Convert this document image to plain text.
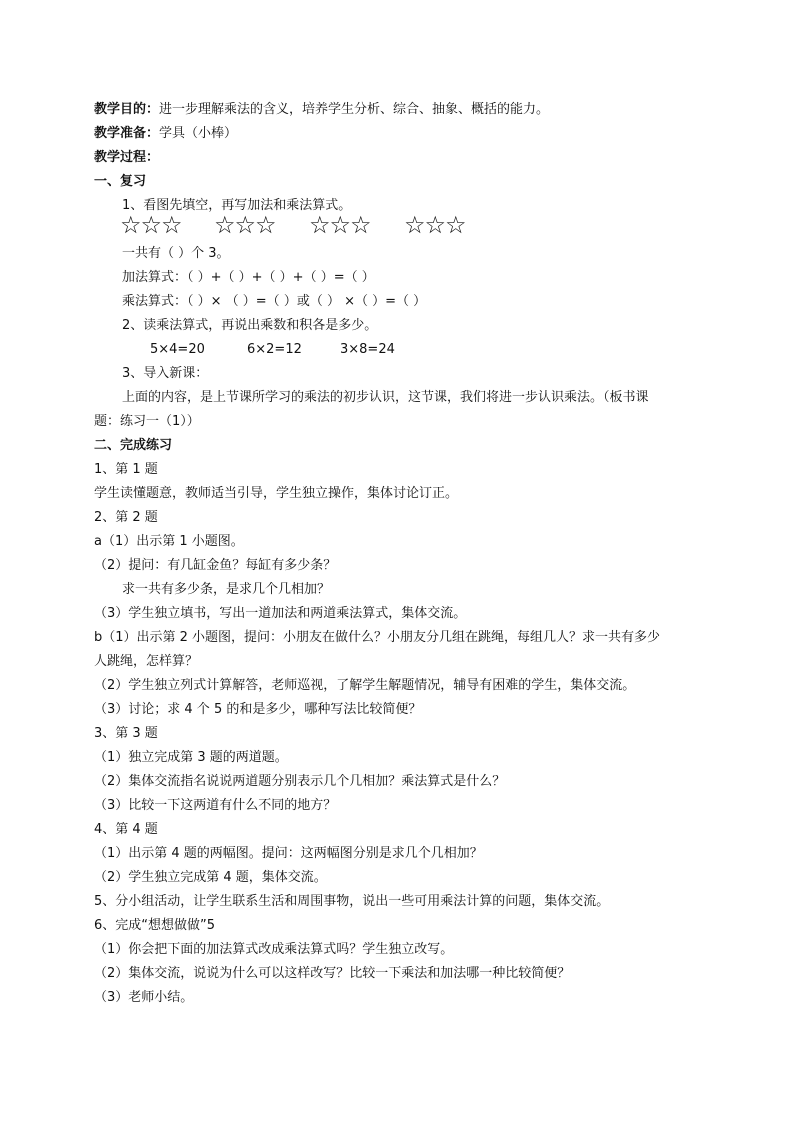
教学目的：进一步理解乘法的含义，培养学生分析、综合、抽象、概括的能力。
教学准备：学具（小棒）
教学过程：
一、复习
1、看图先填空，再写加法和乘法算式。
☆☆☆ ☆☆☆ ☆☆☆ ☆☆☆
一共有（ ）个 3。
加法算式：（ ）+（ ）+（ ）+（ ）=（ ）
乘法算式：（ ）× （ ）=（ ）或（ ） ×（ ）=（ ）
2、读乘法算式，再说出乘数和积各是多少。
5×4=20	6×2=12	3×8=24
3、导入新课：
上面的内容，是上节课所学习的乘法的初步认识，这节课，我们将进一步认识乘法。（板书课
题：练习一（1））
二、完成练习
1、第 1 题
学生读懂题意，教师适当引导，学生独立操作，集体讨论订正。
2、第 2 题
a（1）出示第 1 小题图。
（2）提问：有几缸金鱼？每缸有多少条？
求一共有多少条，是求几个几相加？
（3）学生独立填书，写出一道加法和两道乘法算式，集体交流。
b（1）出示第 2 小题图，提问：小朋友在做什么？小朋友分几组在跳绳，每组几人？求一共有多少
人跳绳，怎样算？
（2）学生独立列式计算解答，老师巡视，了解学生解题情况，辅导有困难的学生，集体交流。
（3）讨论；求 4 个 5 的和是多少，哪种写法比较简便？
3、第 3 题
（1）独立完成第 3 题的两道题。
（2）集体交流指名说说两道题分别表示几个几相加？乘法算式是什么？
（3）比较一下这两道有什么不同的地方？
4、第 4 题
（1）出示第 4 题的两幅图。提问：这两幅图分别是求几个几相加？
（2）学生独立完成第 4 题，集体交流。
5、分小组活动，让学生联系生活和周围事物，说出一些可用乘法计算的问题，集体交流。
6、完成“想想做做”5
（1）你会把下面的加法算式改成乘法算式吗？学生独立改写。
（2）集体交流，说说为什么可以这样改写？比较一下乘法和加法哪一种比较简便？
（3）老师小结。
